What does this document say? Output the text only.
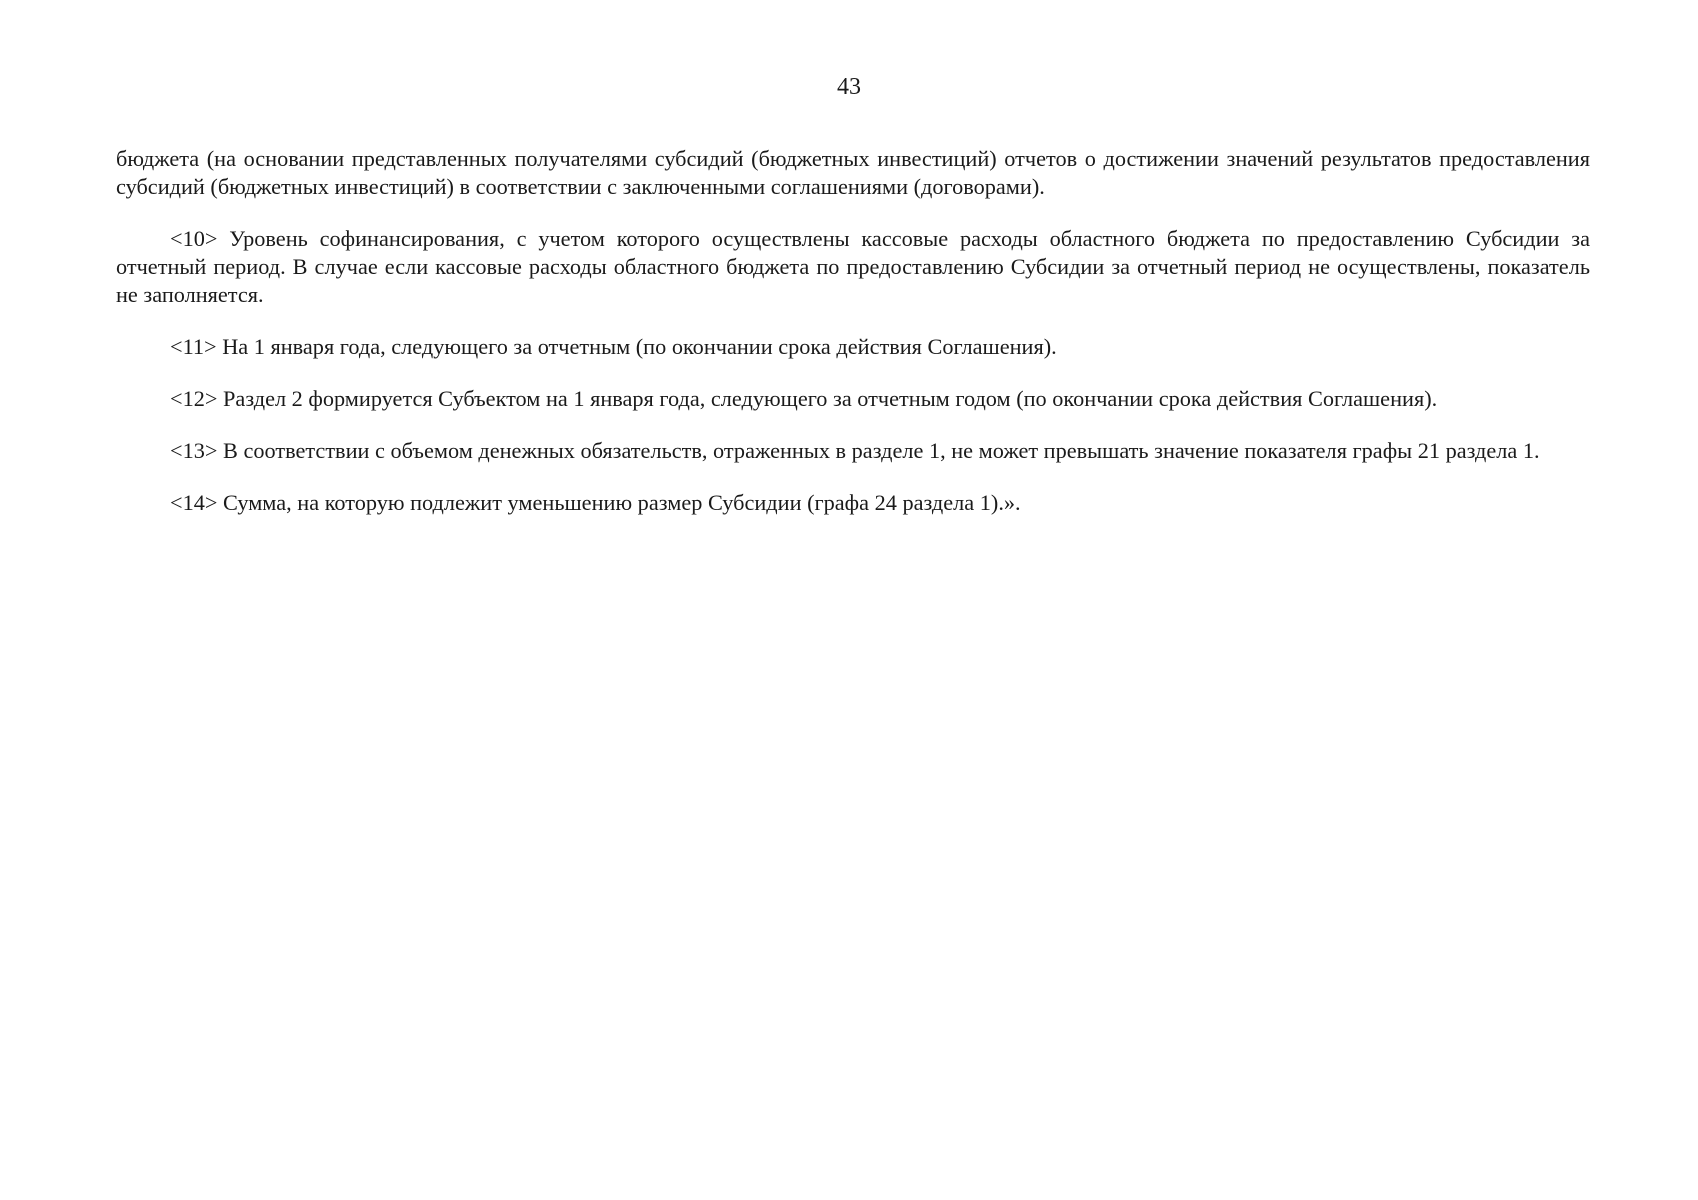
43

бюджета (на основании представленных получателями субсидий (бюджетных инвестиций) отчетов о достижении значений результатов предоставления субсидий (бюджетных инвестиций) в соответствии с заключенными соглашениями (договорами).

<10> Уровень софинансирования, с учетом которого осуществлены кассовые расходы областного бюджета по предоставлению Субсидии за отчетный период. В случае если кассовые расходы областного бюджета по предоставлению Субсидии за отчетный период не осуществлены, показатель не заполняется.

<11> На 1 января года, следующего за отчетным (по окончании срока действия Соглашения).

<12> Раздел 2 формируется Субъектом на 1 января года, следующего за отчетным годом (по окончании срока действия Соглашения).

<13> В соответствии с объемом денежных обязательств, отраженных в разделе 1, не может превышать значение показателя графы 21 раздела 1.

<14> Сумма, на которую подлежит уменьшению размер Субсидии (графа 24 раздела 1).».
